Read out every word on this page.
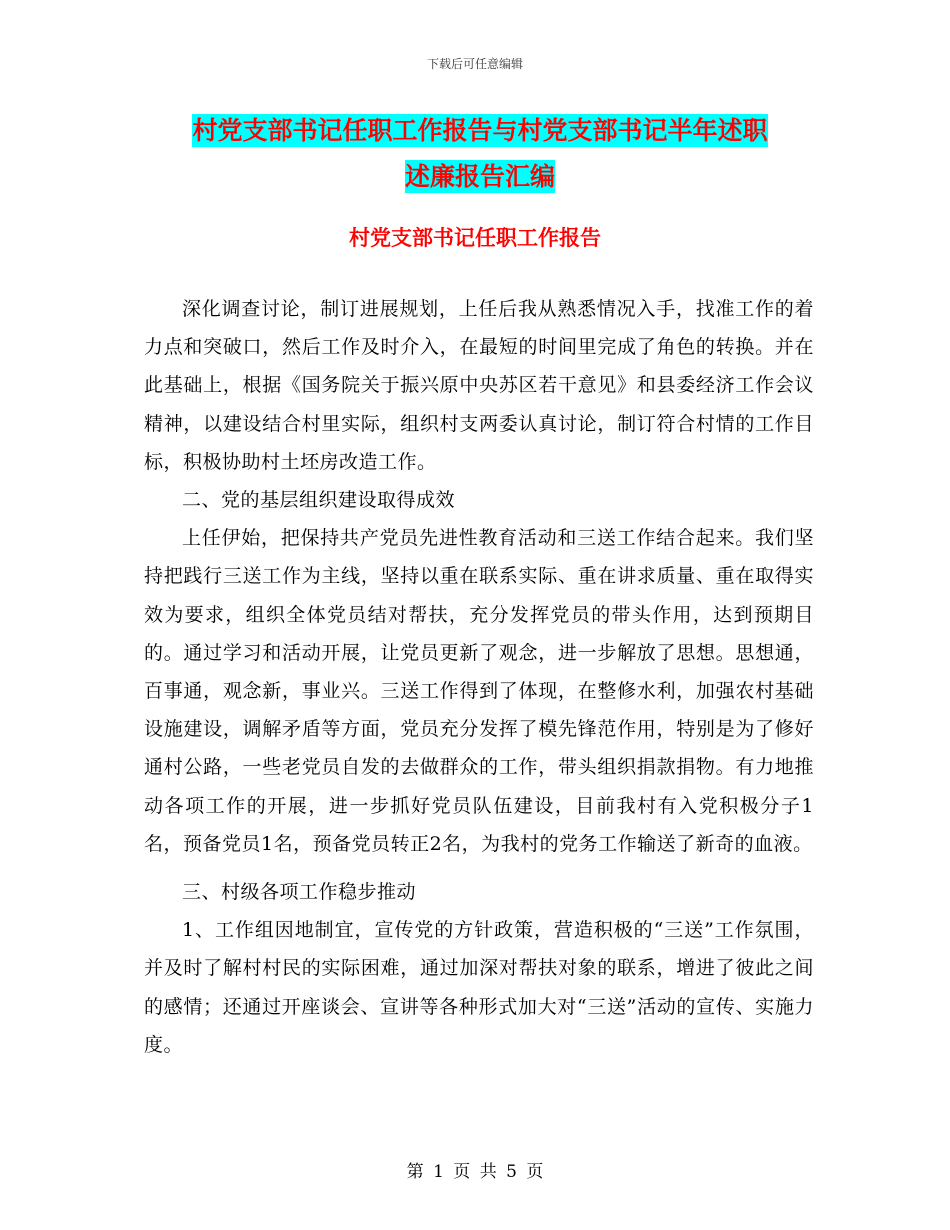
下载后可任意编辑
村党支部书记任职工作报告与村党支部书记半年述职
述廉报告汇编
村党支部书记任职工作报告

深化调查讨论，制订进展规划，上任后我从熟悉情况入手，找准工作的着力点和突破口，然后工作及时介入，在最短的时间里完成了角色的转换。并在此基础上，根据《国务院关于振兴原中央苏区若干意见》和县委经济工作会议精神，以建设结合村里实际，组织村支两委认真讨论，制订符合村情的工作目标，积极协助村土坯房改造工作。

二、党的基层组织建设取得成效

上任伊始，把保持共产党员先进性教育活动和三送工作结合起来。我们坚持把践行三送工作为主线，坚持以重在联系实际、重在讲求质量、重在取得实效为要求，组织全体党员结对帮扶，充分发挥党员的带头作用，达到预期目的。通过学习和活动开展，让党员更新了观念，进一步解放了思想。思想通，百事通，观念新，事业兴。三送工作得到了体现，在整修水利，加强农村基础设施建设，调解矛盾等方面，党员充分发挥了模先锋范作用，特别是为了修好通村公路，一些老党员自发的去做群众的工作，带头组织捐款捐物。有力地推动各项工作的开展，进一步抓好党员队伍建设，目前我村有入党积极分子1名，预备党员1名，预备党员转正2名，为我村的党务工作输送了新奇的血液。

三、村级各项工作稳步推动

1、工作组因地制宜，宣传党的方针政策，营造积极的“三送”工作氛围，并及时了解村村民的实际困难，通过加深对帮扶对象的联系，增进了彼此之间的感情；还通过开座谈会、宣讲等各种形式加大对“三送”活动的宣传、实施力度。

第 1 页 共 5 页
